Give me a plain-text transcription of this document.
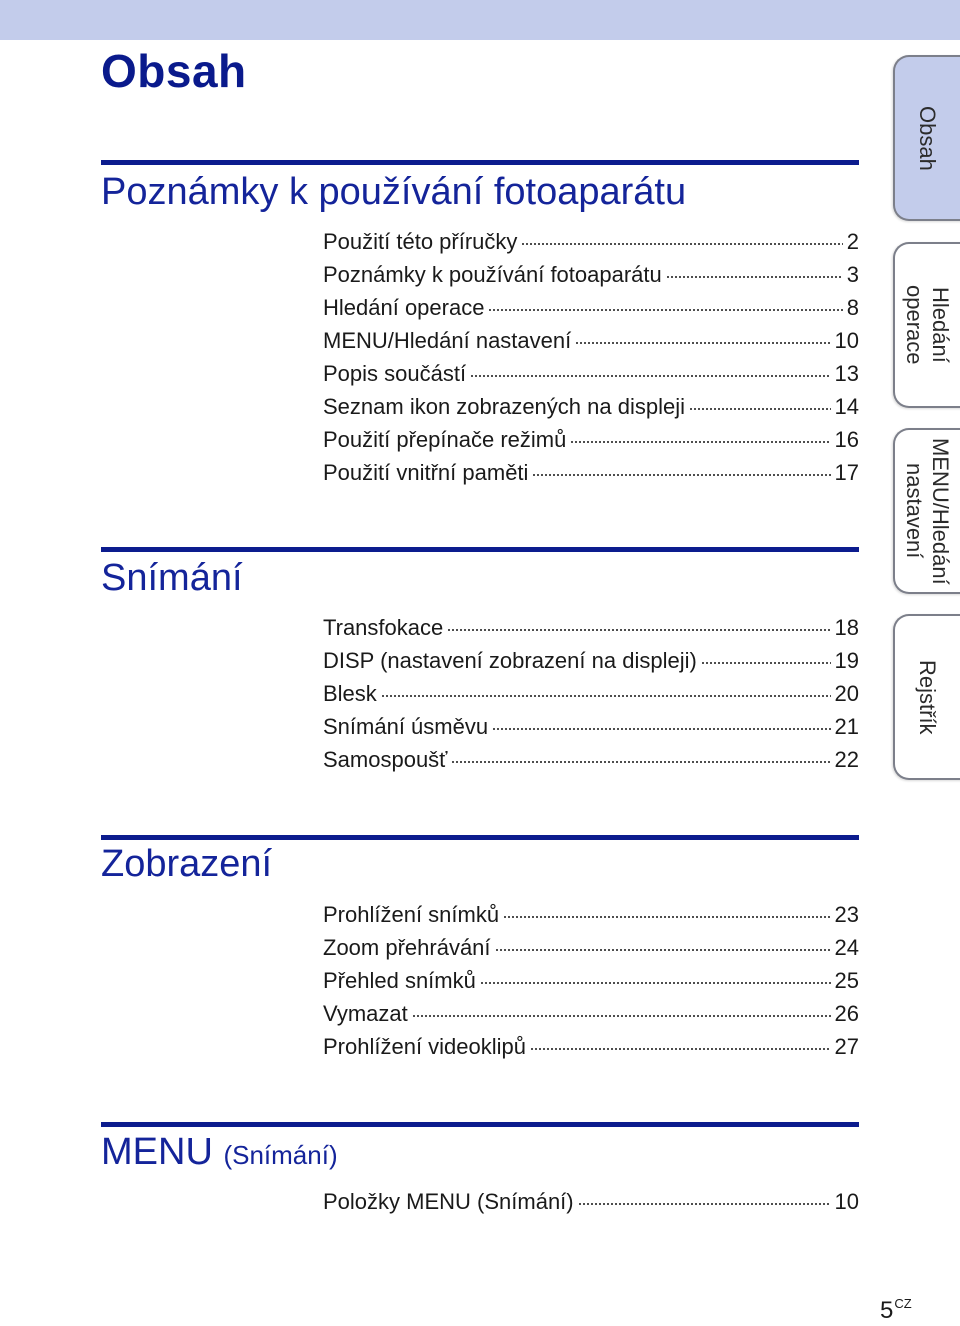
Obsah
Poznámky k používání fotoaparátu
Použití této příručky	2
Poznámky k používání fotoaparátu	3
Hledání operace	8
MENU/Hledání nastavení	10
Popis součástí	13
Seznam ikon zobrazených na displeji	14
Použití přepínače režimů	16
Použití vnitřní paměti	17
Snímání
Transfokace	18
DISP (nastavení zobrazení na displeji)	19
Blesk	20
Snímání úsměvu	21
Samospoušť	22
Zobrazení
Prohlížení snímků	23
Zoom přehrávání	24
Přehled snímků	25
Vymazat	26
Prohlížení videoklipů	27
MENU (Snímání)
Položky MENU (Snímání)	10
Obsah
Hledání
operace
MENU/Hledání
nastavení
Rejstřík
$5^{CZ}$
